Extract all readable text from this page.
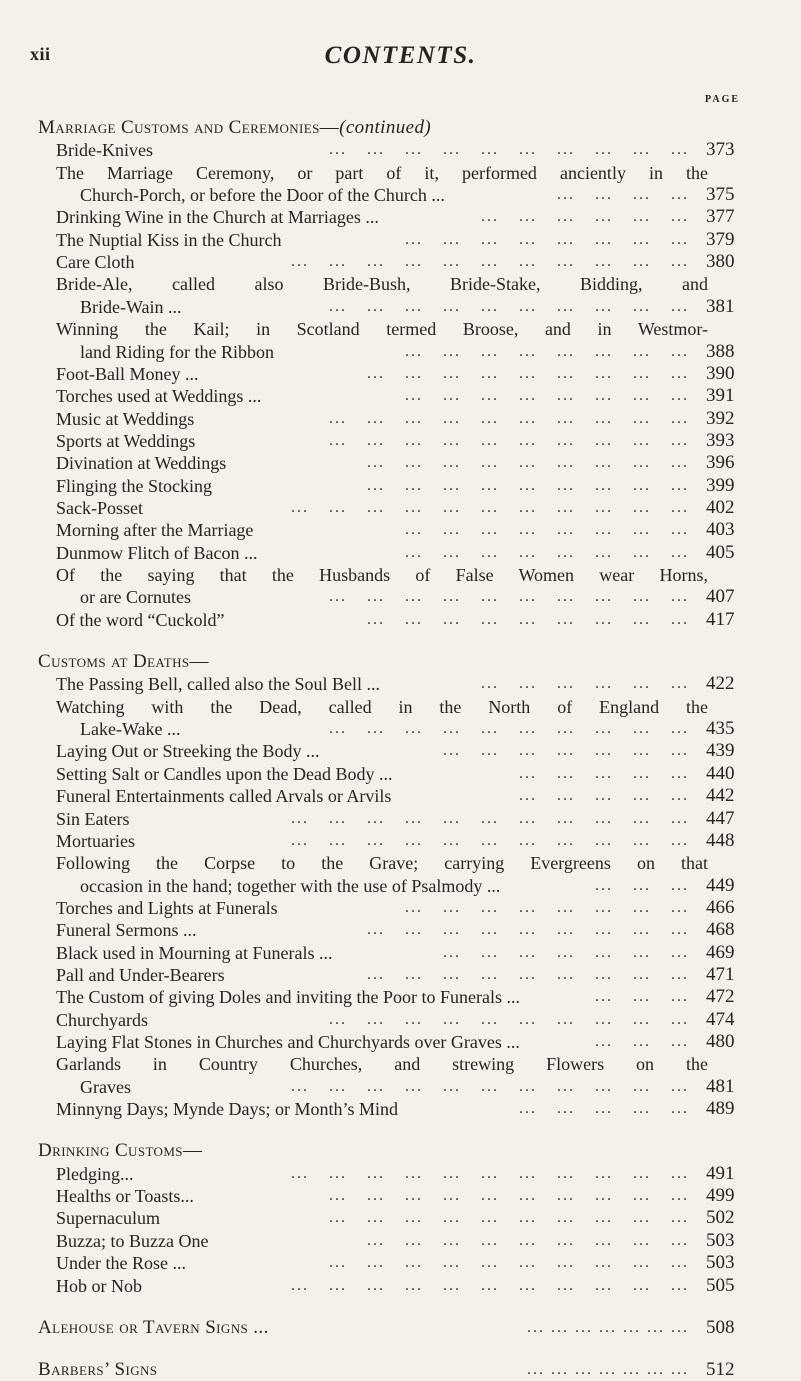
xii	CONTENTS.
PAGE
Marriage Customs and Ceremonies—(continued)
Bride-Knives	...  ...  ...  ...  ...  ...  ...  ...  ...  ... 373
The Marriage Ceremony, or part of it, performed anciently in the
Church-Porch, or before the Door of the Church ...	...  ...  ...  ... 375
Drinking Wine in the Church at Marriages ...	...  ...  ...  ...  ...  ... 377
The Nuptial Kiss in the Church	...  ...  ...  ...  ...  ...  ...  ... 379
Care Cloth	...  ...  ...  ...  ...  ...  ...  ...  ...  ...  ... 380
Bride-Ale, called also Bride-Bush, Bride-Stake, Bidding, and
Bride-Wain ...	...  ...  ...  ...  ...  ...  ...  ...  ...  ... 381
Winning the Kail; in Scotland termed Broose, and in Westmor-
land Riding for the Ribbon	...  ...  ...  ...  ...  ...  ...  ... 388
Foot-Ball Money ...	...  ...  ...  ...  ...  ...  ...  ...  ... 390
Torches used at Weddings ...	...  ...  ...  ...  ...  ...  ...  ... 391
Music at Weddings	...  ...  ...  ...  ...  ...  ...  ...  ...  ... 392
Sports at Weddings	...  ...  ...  ...  ...  ...  ...  ...  ...  ... 393
Divination at Weddings	...  ...  ...  ...  ...  ...  ...  ...  ... 396
Flinging the Stocking	...  ...  ...  ...  ...  ...  ...  ...  ... 399
Sack-Posset	...  ...  ...  ...  ...  ...  ...  ...  ...  ...  ... 402
Morning after the Marriage	...  ...  ...  ...  ...  ...  ...  ... 403
Dunmow Flitch of Bacon ...	...  ...  ...  ...  ...  ...  ...  ... 405
Of the saying that the Husbands of False Women wear Horns,
or are Cornutes	...  ...  ...  ...  ...  ...  ...  ...  ...  ... 407
Of the word “Cuckold”	...  ...  ...  ...  ...  ...  ...  ...  ... 417
Customs at Deaths—
The Passing Bell, called also the Soul Bell ...	...  ...  ...  ...  ...  ... 422
Watching with the Dead, called in the North of England the
Lake-Wake ...	...  ...  ...  ...  ...  ...  ...  ...  ...  ... 435
Laying Out or Streeking the Body ...	...  ...  ...  ...  ...  ...  ... 439
Setting Salt or Candles upon the Dead Body ...	...  ...  ...  ...  ... 440
Funeral Entertainments called Arvals or Arvils	...  ...  ...  ...  ... 442
Sin Eaters	...  ...  ...  ...  ...  ...  ...  ...  ...  ...  ... 447
Mortuaries	...  ...  ...  ...  ...  ...  ...  ...  ...  ...  ... 448
Following the Corpse to the Grave; carrying Evergreens on that
occasion in the hand; together with the use of Psalmody ...	...  ...  ... 449
Torches and Lights at Funerals	...  ...  ...  ...  ...  ...  ...  ... 466
Funeral Sermons ...	...  ...  ...  ...  ...  ...  ...  ...  ... 468
Black used in Mourning at Funerals ...	...  ...  ...  ...  ...  ...  ... 469
Pall and Under-Bearers	...  ...  ...  ...  ...  ...  ...  ...  ... 471
The Custom of giving Doles and inviting the Poor to Funerals ...	...  ...  ... 472
Churchyards	...  ...  ...  ...  ...  ...  ...  ...  ...  ... 474
Laying Flat Stones in Churches and Churchyards over Graves ...	...  ...  ... 480
Garlands in Country Churches, and strewing Flowers on the
Graves	...  ...  ...  ...  ...  ...  ...  ...  ...  ...  ... 481
Minnyng Days; Mynde Days; or Month’s Mind	...  ...  ...  ...  ... 489
Drinking Customs—
Pledging...	...  ...  ...  ...  ...  ...  ...  ...  ...  ...  ... 491
Healths or Toasts...	...  ...  ...  ...  ...  ...  ...  ...  ...  ... 499
Supernaculum	...  ...  ...  ...  ...  ...  ...  ...  ...  ... 502
Buzza; to Buzza One	...  ...  ...  ...  ...  ...  ...  ...  ... 503
Under the Rose ...	...  ...  ...  ...  ...  ...  ...  ...  ...  ... 503
Hob or Nob	...  ...  ...  ...  ...  ...  ...  ...  ...  ...  ... 505
Alehouse or Tavern Signs ...	... ... ... ... ... ... ... 508
Barbers’ Signs	... ... ... ... ... ... ... 512
